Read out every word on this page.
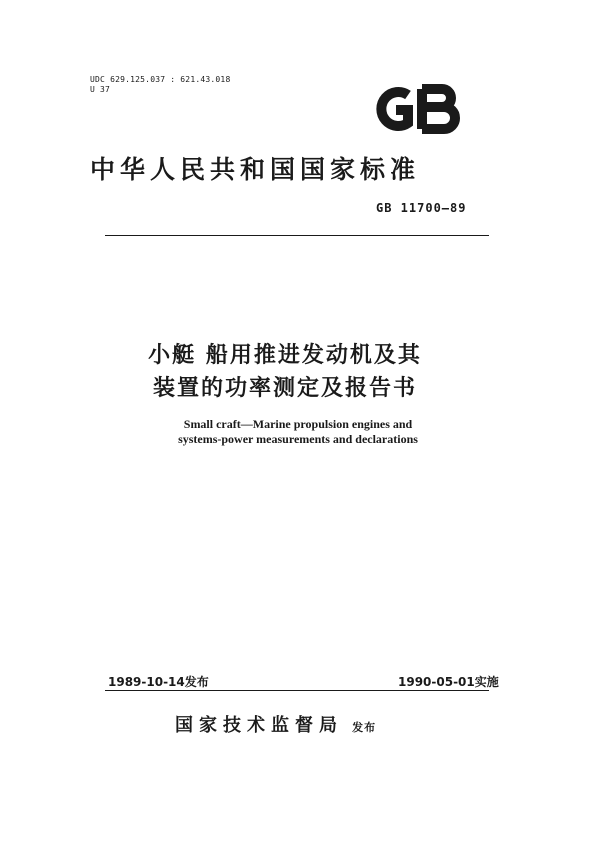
UDC 629.125.037 : 621.43.018
U 37
中华人民共和国国家标准
GB 11700—89
小艇 船用推进发动机及其
装置的功率测定及报告书
Small craft—Marine propulsion engines and
systems-power measurements and declarations
1989-10-14发布	1990-05-01实施
国家技术监督局 发布
